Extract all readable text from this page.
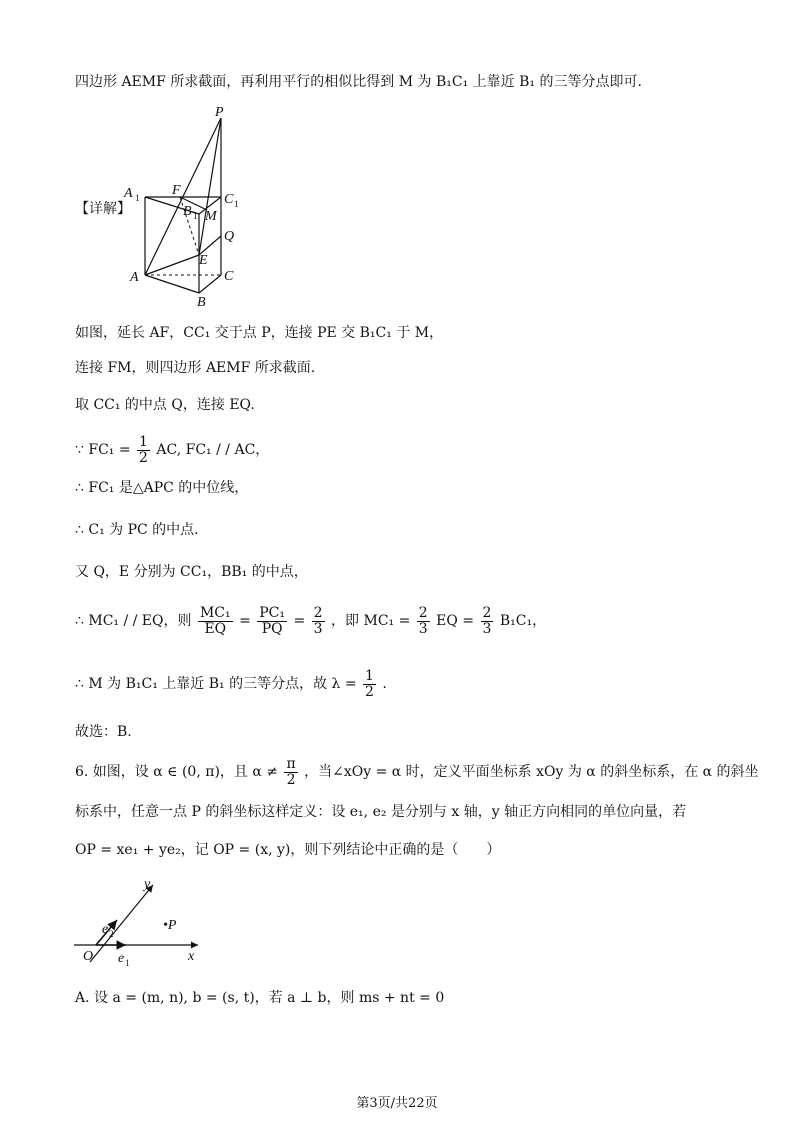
四边形 AEMF 所求截面，再利用平行的相似比得到 M 为 B₁C₁ 上靠近 B₁ 的三等分点即可.
P
A 1 F
B 1 M
C 1
Q
E
A	C
B
【详解】
如图，延长 AF，CC₁ 交于点 P，连接 PE 交 B₁C₁ 于 M，
连接 FM，则四边形 AEMF 所求截面.
取 CC₁ 的中点 Q，连接 EQ.
∵ $FC_1 = \frac{1}{2}$ AC, FC₁ / / AC，
∴ FC₁ 是△APC 的中位线，
∴ C₁ 为 PC 的中点.
又 Q，E 分别为 CC₁，BB₁ 的中点，
∴ MC₁ / / EQ，则 $\frac{\text{MC₁}}{EQ} = \frac{\text{PC₁}}{PQ} = \frac{2}{3}$ ，即 $MC_1 = \frac{2}{3}$ EQ = $\frac{2}{3} B_1C_1$，
∴ M 为 B₁C₁ 上靠近 B₁ 的三等分点，故 $\lambda = \frac{1}{2}$ .
故选：B.
6. 如图，设 α ∈ (0, π)，且 $\alpha \ne \frac{\pi}{2}$ ，当∠xOy = α 时，定义平面坐标系 xOy 为 α 的斜坐标系，在 α 的斜坐
标系中，任意一点 P 的斜坐标这样定义：设 e₁, e₂ 是分别与 x 轴，y 轴正方向相同的单位向量，若
OP = xe₁ + ye₂，记 OP = (x, y)，则下列结论中正确的是（　　）
y
x
O e 1
e 2
•P
A. 设 a = (m, n), b = (s, t)，若 a ⊥ b，则 ms + nt = 0
第3页/共22页
